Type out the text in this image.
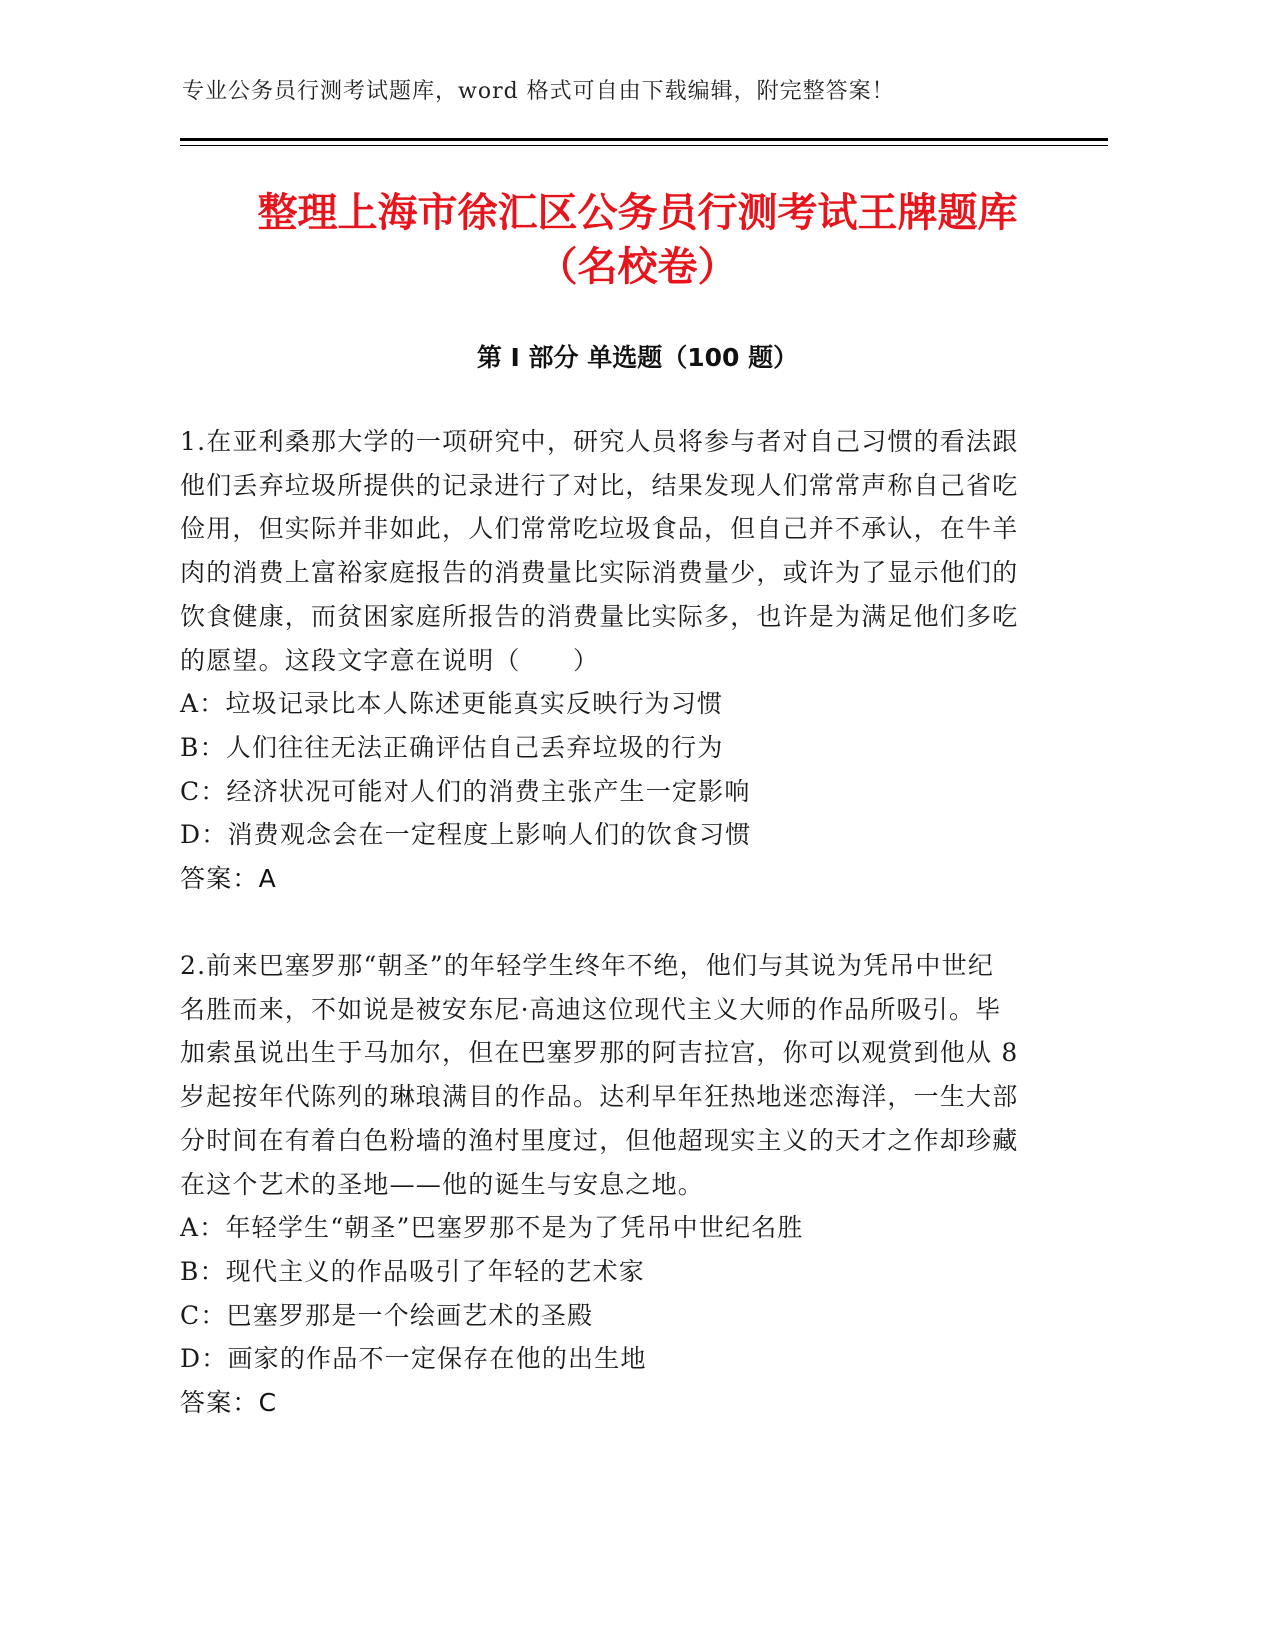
专业公务员行测考试题库，word 格式可自由下载编辑，附完整答案！
整理上海市徐汇区公务员行测考试王牌题库
（名校卷）
第 I 部分 单选题（100 题）

1.在亚利桑那大学的一项研究中，研究人员将参与者对自己习惯的看法跟他们丢弃垃圾所提供的记录进行了对比，结果发现人们常常声称自己省吃俭用，但实际并非如此，人们常常吃垃圾食品，但自己并不承认，在牛羊肉的消费上富裕家庭报告的消费量比实际消费量少，或许为了显示他们的饮食健康，而贫困家庭所报告的消费量比实际多，也许是为满足他们多吃的愿望。这段文字意在说明（　　）

A：垃圾记录比本人陈述更能真实反映行为习惯

B：人们往往无法正确评估自己丢弃垃圾的行为

C：经济状况可能对人们的消费主张产生一定影响

D：消费观念会在一定程度上影响人们的饮食习惯

答案：A

2.前来巴塞罗那“朝圣”的年轻学生终年不绝，他们与其说为凭吊中世纪名胜而来，不如说是被安东尼·高迪这位现代主义大师的作品所吸引。毕加索虽说出生于马加尔，但在巴塞罗那的阿吉拉宫，你可以观赏到他从 8 岁起按年代陈列的琳琅满目的作品。达利早年狂热地迷恋海洋，一生大部分时间在有着白色粉墙的渔村里度过，但他超现实主义的天才之作却珍藏在这个艺术的圣地——他的诞生与安息之地。

A：年轻学生“朝圣”巴塞罗那不是为了凭吊中世纪名胜

B：现代主义的作品吸引了年轻的艺术家

C：巴塞罗那是一个绘画艺术的圣殿

D：画家的作品不一定保存在他的出生地

答案：C
